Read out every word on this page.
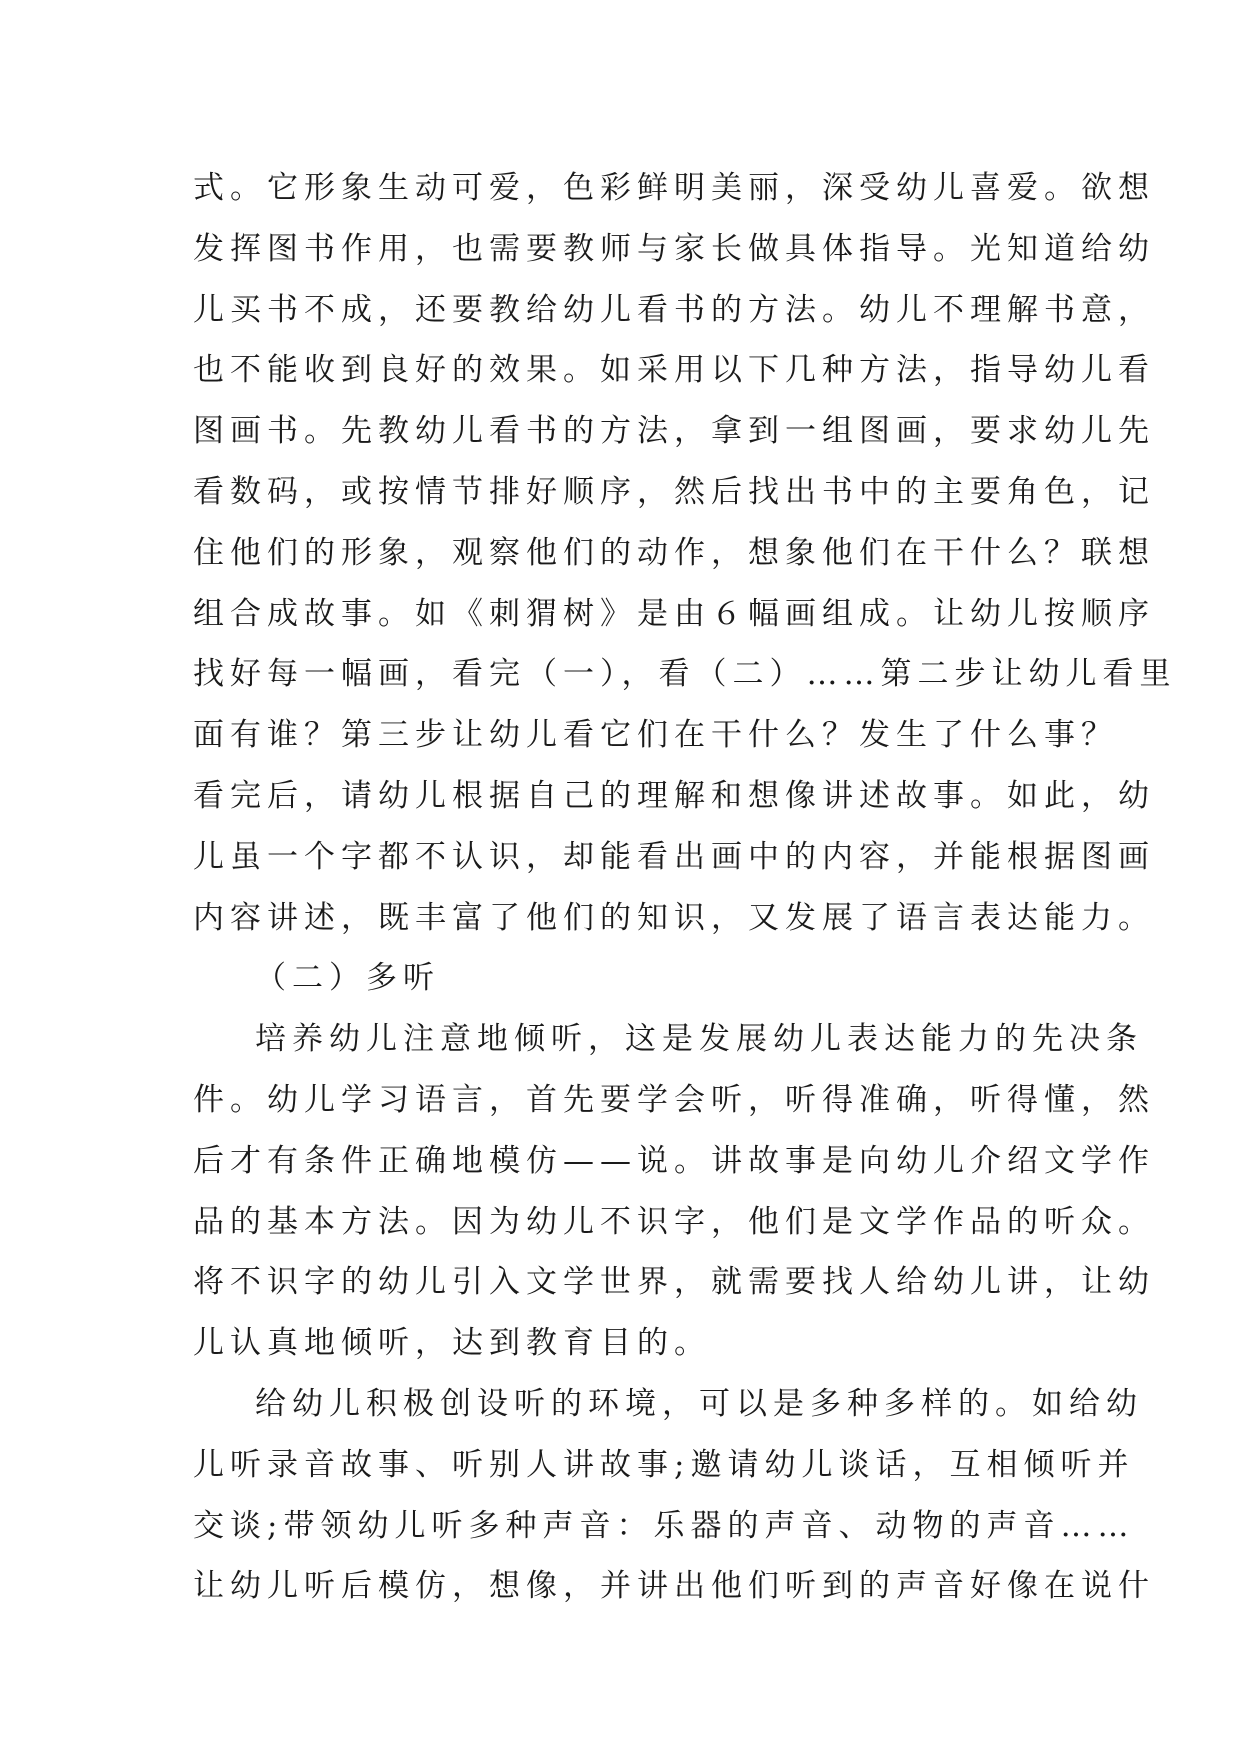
式。它形象生动可爱，色彩鲜明美丽，深受幼儿喜爱。欲想
发挥图书作用，也需要教师与家长做具体指导。光知道给幼
儿买书不成，还要教给幼儿看书的方法。幼儿不理解书意，
也不能收到良好的效果。如采用以下几种方法，指导幼儿看
图画书。先教幼儿看书的方法，拿到一组图画，要求幼儿先
看数码，或按情节排好顺序，然后找出书中的主要角色，记
住他们的形象，观察他们的动作，想象他们在干什么？联想
组合成故事。如《刺猬树》是由６幅画组成。让幼儿按顺序
找好每一幅画，看完（一），看（二）……第二步让幼儿看里
面有谁？第三步让幼儿看它们在干什么？发生了什么事？
看完后，请幼儿根据自己的理解和想像讲述故事。如此，幼
儿虽一个字都不认识，却能看出画中的内容，并能根据图画
内容讲述，既丰富了他们的知识，又发展了语言表达能力。
（二）多听
培养幼儿注意地倾听，这是发展幼儿表达能力的先决条
件。幼儿学习语言，首先要学会听，听得准确，听得懂，然
后才有条件正确地模仿——说。讲故事是向幼儿介绍文学作
品的基本方法。因为幼儿不识字，他们是文学作品的听众。
将不识字的幼儿引入文学世界，就需要找人给幼儿讲，让幼
儿认真地倾听，达到教育目的。
给幼儿积极创设听的环境，可以是多种多样的。如给幼
儿听录音故事、听别人讲故事;邀请幼儿谈话，互相倾听并
交谈;带领幼儿听多种声音：乐器的声音、动物的声音……
让幼儿听后模仿，想像，并讲出他们听到的声音好像在说什
